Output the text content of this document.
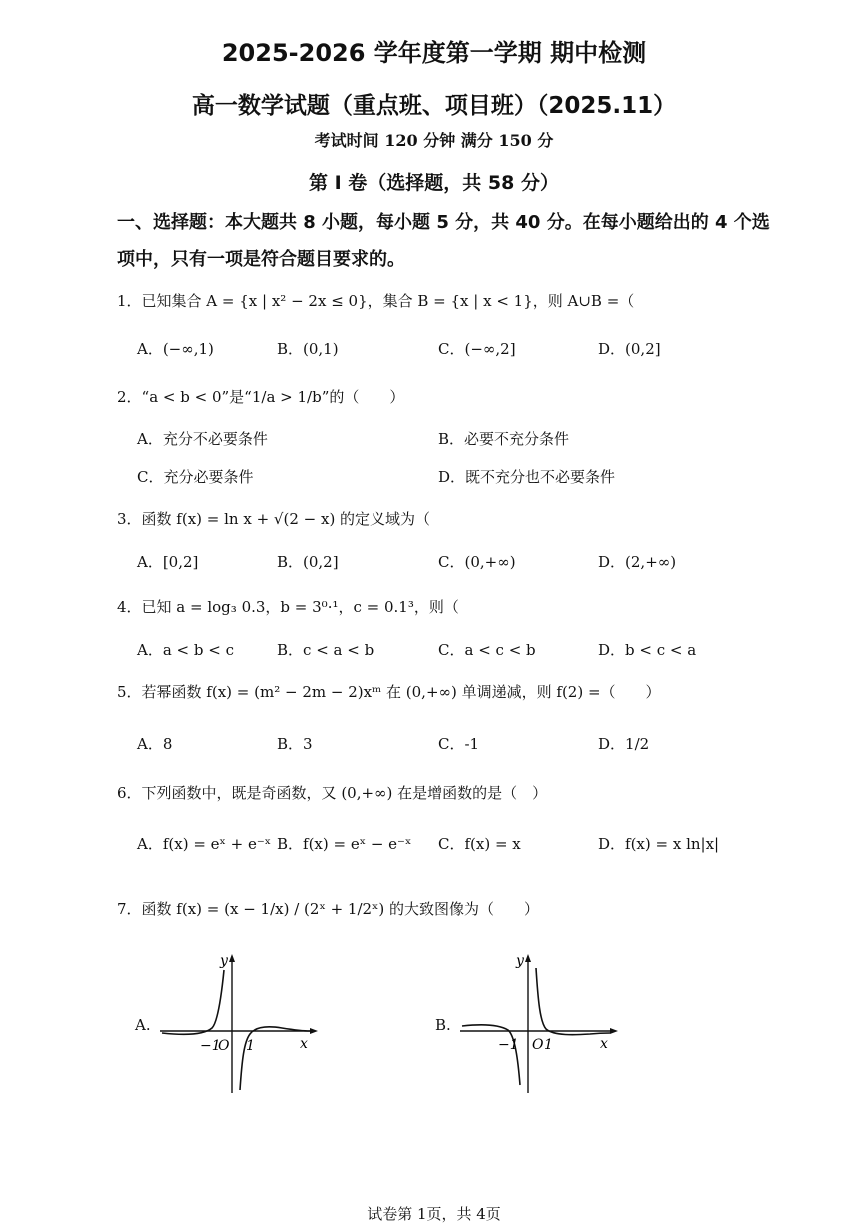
2025-2026 学年度第一学期 期中检测
高一数学试题（重点班、项目班）（2025.11）
考试时间 120 分钟 满分 150 分
第 I 卷（选择题，共 58 分）
一、选择题：本大题共 8 小题，每小题 5 分，共 40 分。在每小题给出的 4 个选
项中，只有一项是符合题目要求的。
1．已知集合 A = {x | x² − 2x ≤ 0}，集合 B = {x | x < 1}，则 A∪B =（
A．(−∞,1)	B．(0,1)	C．(−∞,2]	D．(0,2]
2．“a < b < 0”是“1/a > 1/b”的（　　）
A．充分不必要条件	B．必要不充分条件
C．充分必要条件	D．既不充分也不必要条件
3．函数 f(x) = ln x + √(2 − x) 的定义域为（
A．[0,2]	B．(0,2]	C．(0,+∞)	D．(2,+∞)
4．已知 a = log₃ 0.3，b = 3⁰·¹，c = 0.1³，则（
A．a < b < c	B．c < a < b	C．a < c < b	D．b < c < a
5．若幂函数 f(x) = (m² − 2m − 2)xᵐ 在 (0,+∞) 单调递减，则 f(2) =（　　）
A．8	B．3	C．-1	D．1/2
6．下列函数中，既是奇函数，又 (0,+∞) 在是增函数的是（　）
A．f(x) = eˣ + e⁻ˣ B．f(x) = eˣ − e⁻ˣ C．f(x) = x	D．f(x) = x ln|x|
7．函数 f(x) = (x − 1/x) / (2ˣ + 1/2ˣ) 的大致图像为（　　）
A.
y
x
−1
O 1
B.
y
x
−1 O 1
试卷第 1页，共 4页
